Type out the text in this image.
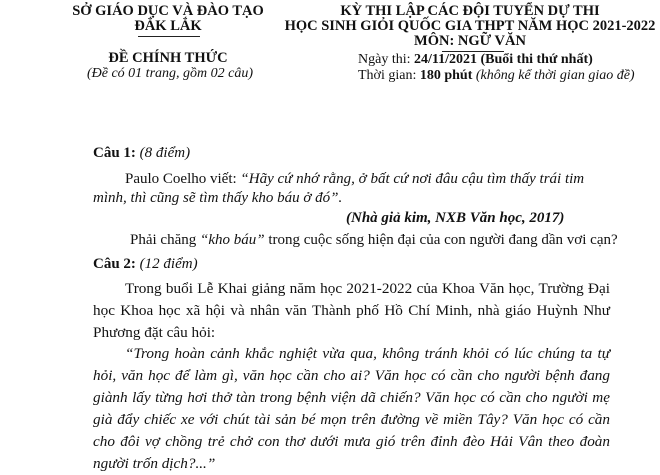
SỞ GIÁO DỤC VÀ ĐÀO TẠO
ĐẮK LẮK
ĐỀ CHÍNH THỨC
(Đề có 01 trang, gồm 02 câu)
KỲ THI LẬP CÁC ĐỘI TUYỂN DỰ THI
HỌC SINH GIỎI QUỐC GIA THPT NĂM HỌC 2021-2022
MÔN: NGỮ VĂN
Ngày thi: 24/11/2021 (Buổi thi thứ nhất)
Thời gian: 180 phút (không kể thời gian giao đề)
Câu 1: (8 điểm)
Paulo Coelho viết: “Hãy cứ nhớ rằng, ở bất cứ nơi đâu cậu tìm thấy trái tim
mình, thì cũng sẽ tìm thấy kho báu ở đó”.
(Nhà giả kim, NXB Văn học, 2017)
Phải chăng “kho báu” trong cuộc sống hiện đại của con người đang dần vơi cạn?
Câu 2: (12 điểm)
Trong buổi Lễ Khai giảng năm học 2021-2022 của Khoa Văn học, Trường Đại học Khoa học xã hội và nhân văn Thành phố Hồ Chí Minh, nhà giáo Huỳnh Như Phương đặt câu hỏi:
“Trong hoàn cảnh khắc nghiệt vừa qua, không tránh khỏi có lúc chúng ta tự hỏi, văn học để làm gì, văn học cần cho ai? Văn học có cần cho người bệnh đang giành lấy từng hơi thở tàn trong bệnh viện dã chiến? Văn học có cần cho người mẹ già đẩy chiếc xe với chút tài sản bé mọn trên đường về miền Tây? Văn học có cần cho đôi vợ chồng trẻ chở con thơ dưới mưa gió trên đỉnh đèo Hải Vân theo đoàn người trốn dịch?...”
